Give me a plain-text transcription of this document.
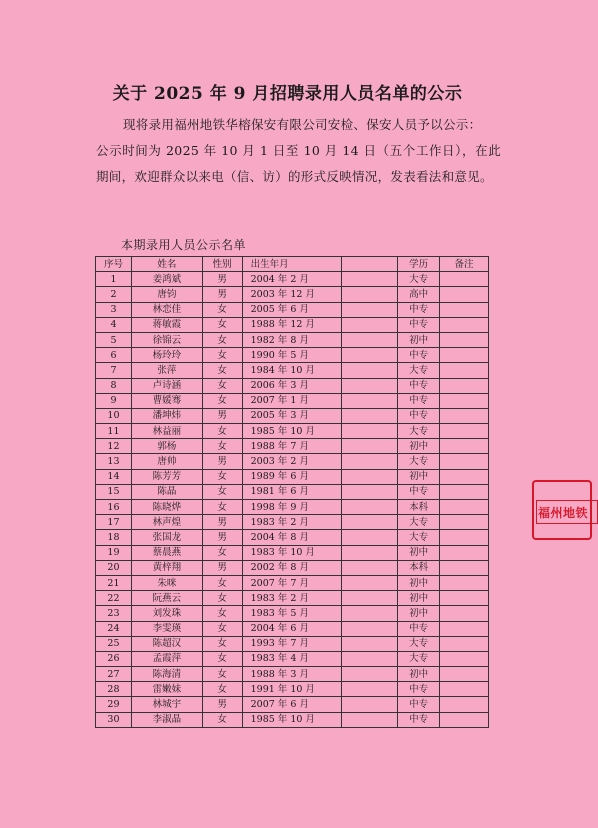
关于 2025 年 9 月招聘录用人员名单的公示
现将录用福州地铁华榕保安有限公司安检、保安人员予以公示：
公示时间为 2025 年 10 月 1 日至 10 月 14 日（五个工作日），在此期间，欢迎群众以来电（信、访）的形式反映情况，发表看法和意见。
本期录用人员公示名单
序号	姓名	性别	出生年月		学历	备注
1	姜鸿斌	男	2004 年 2 月		大专	
2	唐钧	男	2003 年 12 月		高中	
3	林恋佳	女	2005 年 6 月		中专	
4	蒋敏霞	女	1988 年 12 月		中专	
5	徐锦云	女	1982 年 8 月		初中	
6	杨玲玲	女	1990 年 5 月		中专	
7	张萍	女	1984 年 10 月		大专	
8	卢诗涵	女	2006 年 3 月		中专	
9	曹媛骞	女	2007 年 1 月		中专	
10	潘坤炜	男	2005 年 3 月		中专	
11	林益丽	女	1985 年 10 月		大专	
12	郭杨	女	1988 年 7 月		初中	
13	唐帅	男	2003 年 2 月		大专	
14	陈芳芳	女	1989 年 6 月		初中	
15	陈晶	女	1981 年 6 月		中专	
16	陈晓烨	女	1998 年 9 月		本科	
17	林声煌	男	1983 年 2 月		大专	
18	张国龙	男	2004 年 8 月		大专	
19	蔡晨燕	女	1983 年 10 月		初中	
20	黄梓翔	男	2002 年 8 月		本科	
21	朱咪	女	2007 年 7 月		初中	
22	阮燕云	女	1983 年 2 月		初中	
23	刘发珠	女	1983 年 5 月		初中	
24	李雯瑛	女	2004 年 6 月		中专	
25	陈超汉	女	1993 年 7 月		大专	
26	孟霞萍	女	1983 年 4 月		大专	
27	陈海清	女	1988 年 3 月		初中	
28	雷嫩妹	女	1991 年 10 月		中专	
29	林城宇	男	2007 年 6 月		中专	
30	李淑晶	女	1985 年 10 月		中专	
福州地铁
